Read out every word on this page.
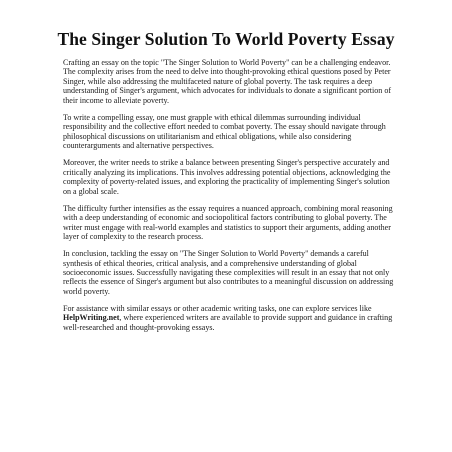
The Singer Solution To World Poverty Essay

Crafting an essay on the topic "The Singer Solution to World Poverty" can be a challenging endeavor. The complexity arises from the need to delve into thought-provoking ethical questions posed by Peter Singer, while also addressing the multifaceted nature of global poverty. The task requires a deep understanding of Singer's argument, which advocates for individuals to donate a significant portion of their income to alleviate poverty.

To write a compelling essay, one must grapple with ethical dilemmas surrounding individual responsibility and the collective effort needed to combat poverty. The essay should navigate through philosophical discussions on utilitarianism and ethical obligations, while also considering counterarguments and alternative perspectives.

Moreover, the writer needs to strike a balance between presenting Singer's perspective accurately and critically analyzing its implications. This involves addressing potential objections, acknowledging the complexity of poverty-related issues, and exploring the practicality of implementing Singer's solution on a global scale.

The difficulty further intensifies as the essay requires a nuanced approach, combining moral reasoning with a deep understanding of economic and sociopolitical factors contributing to global poverty. The writer must engage with real-world examples and statistics to support their arguments, adding another layer of complexity to the research process.

In conclusion, tackling the essay on "The Singer Solution to World Poverty" demands a careful synthesis of ethical theories, critical analysis, and a comprehensive understanding of global socioeconomic issues. Successfully navigating these complexities will result in an essay that not only reflects the essence of Singer's argument but also contributes to a meaningful discussion on addressing world poverty.

For assistance with similar essays or other academic writing tasks, one can explore services like HelpWriting.net, where experienced writers are available to provide support and guidance in crafting well-researched and thought-provoking essays.
